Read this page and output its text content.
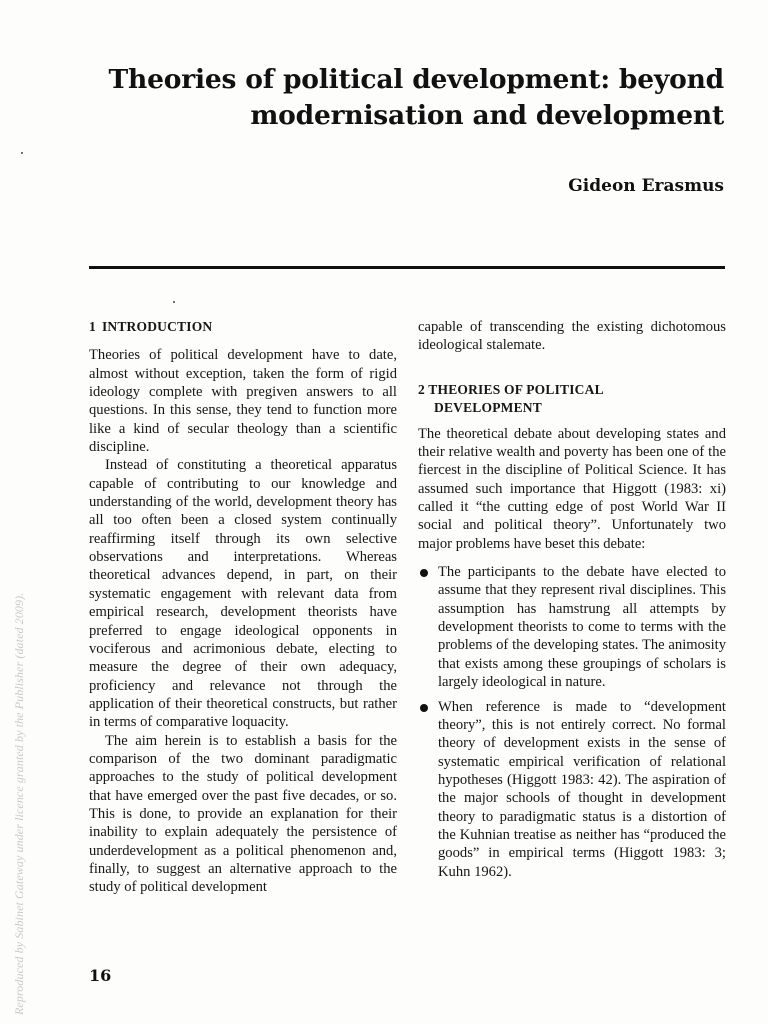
Theories of political development: beyond
modernisation and development
Gideon Erasmus
1 INTRODUCTION

Theories of political development have to date, almost without exception, taken the form of rigid ideology complete with pregiven answers to all questions. In this sense, they tend to function more like a kind of secular theology than a scientific discipline.

Instead of constituting a theoretical apparatus capable of contributing to our knowledge and understanding of the world, development theory has all too often been a closed system continually reaffirming itself through its own selective observations and interpretations. Whereas theoretical advances depend, in part, on their systematic engagement with relevant data from empirical research, development theorists have preferred to engage ideological opponents in vociferous and acrimonious debate, electing to measure the degree of their own adequacy, proficiency and relevance not through the application of their theoretical constructs, but rather in terms of comparative loquacity.

The aim herein is to establish a basis for the comparison of the two dominant paradigmatic approaches to the study of political development that have emerged over the past five decades, or so. This is done, to provide an explanation for their inability to explain adequately the persistence of underdevelopment as a political phenomenon and, finally, to suggest an alternative approach to the study of political development

capable of transcending the existing dichotomous ideological stalemate.

2 THEORIES OF POLITICAL
DEVELOPMENT

The theoretical debate about developing states and their relative wealth and poverty has been one of the fiercest in the discipline of Political Science. It has assumed such importance that Higgott (1983: xi) called it “the cutting edge of post World War II social and political theory”. Unfortunately two major problems have beset this debate:

The participants to the debate have elected to assume that they represent rival disciplines. This assumption has hamstrung all attempts by development theorists to come to terms with the problems of the developing states. The animosity that exists among these groupings of scholars is largely ideological in nature.
When reference is made to “development theory”, this is not entirely correct. No formal theory of development exists in the sense of systematic empirical verification of relational hypotheses (Higgott 1983: 42). The aspiration of the major schools of thought in development theory to paradigmatic status is a distortion of the Kuhnian treatise as neither has “produced the goods” in empirical terms (Higgott 1983: 3; Kuhn 1962).
16
Reproduced by Sabinet Gateway under licence granted by the Publisher (dated 2009).
